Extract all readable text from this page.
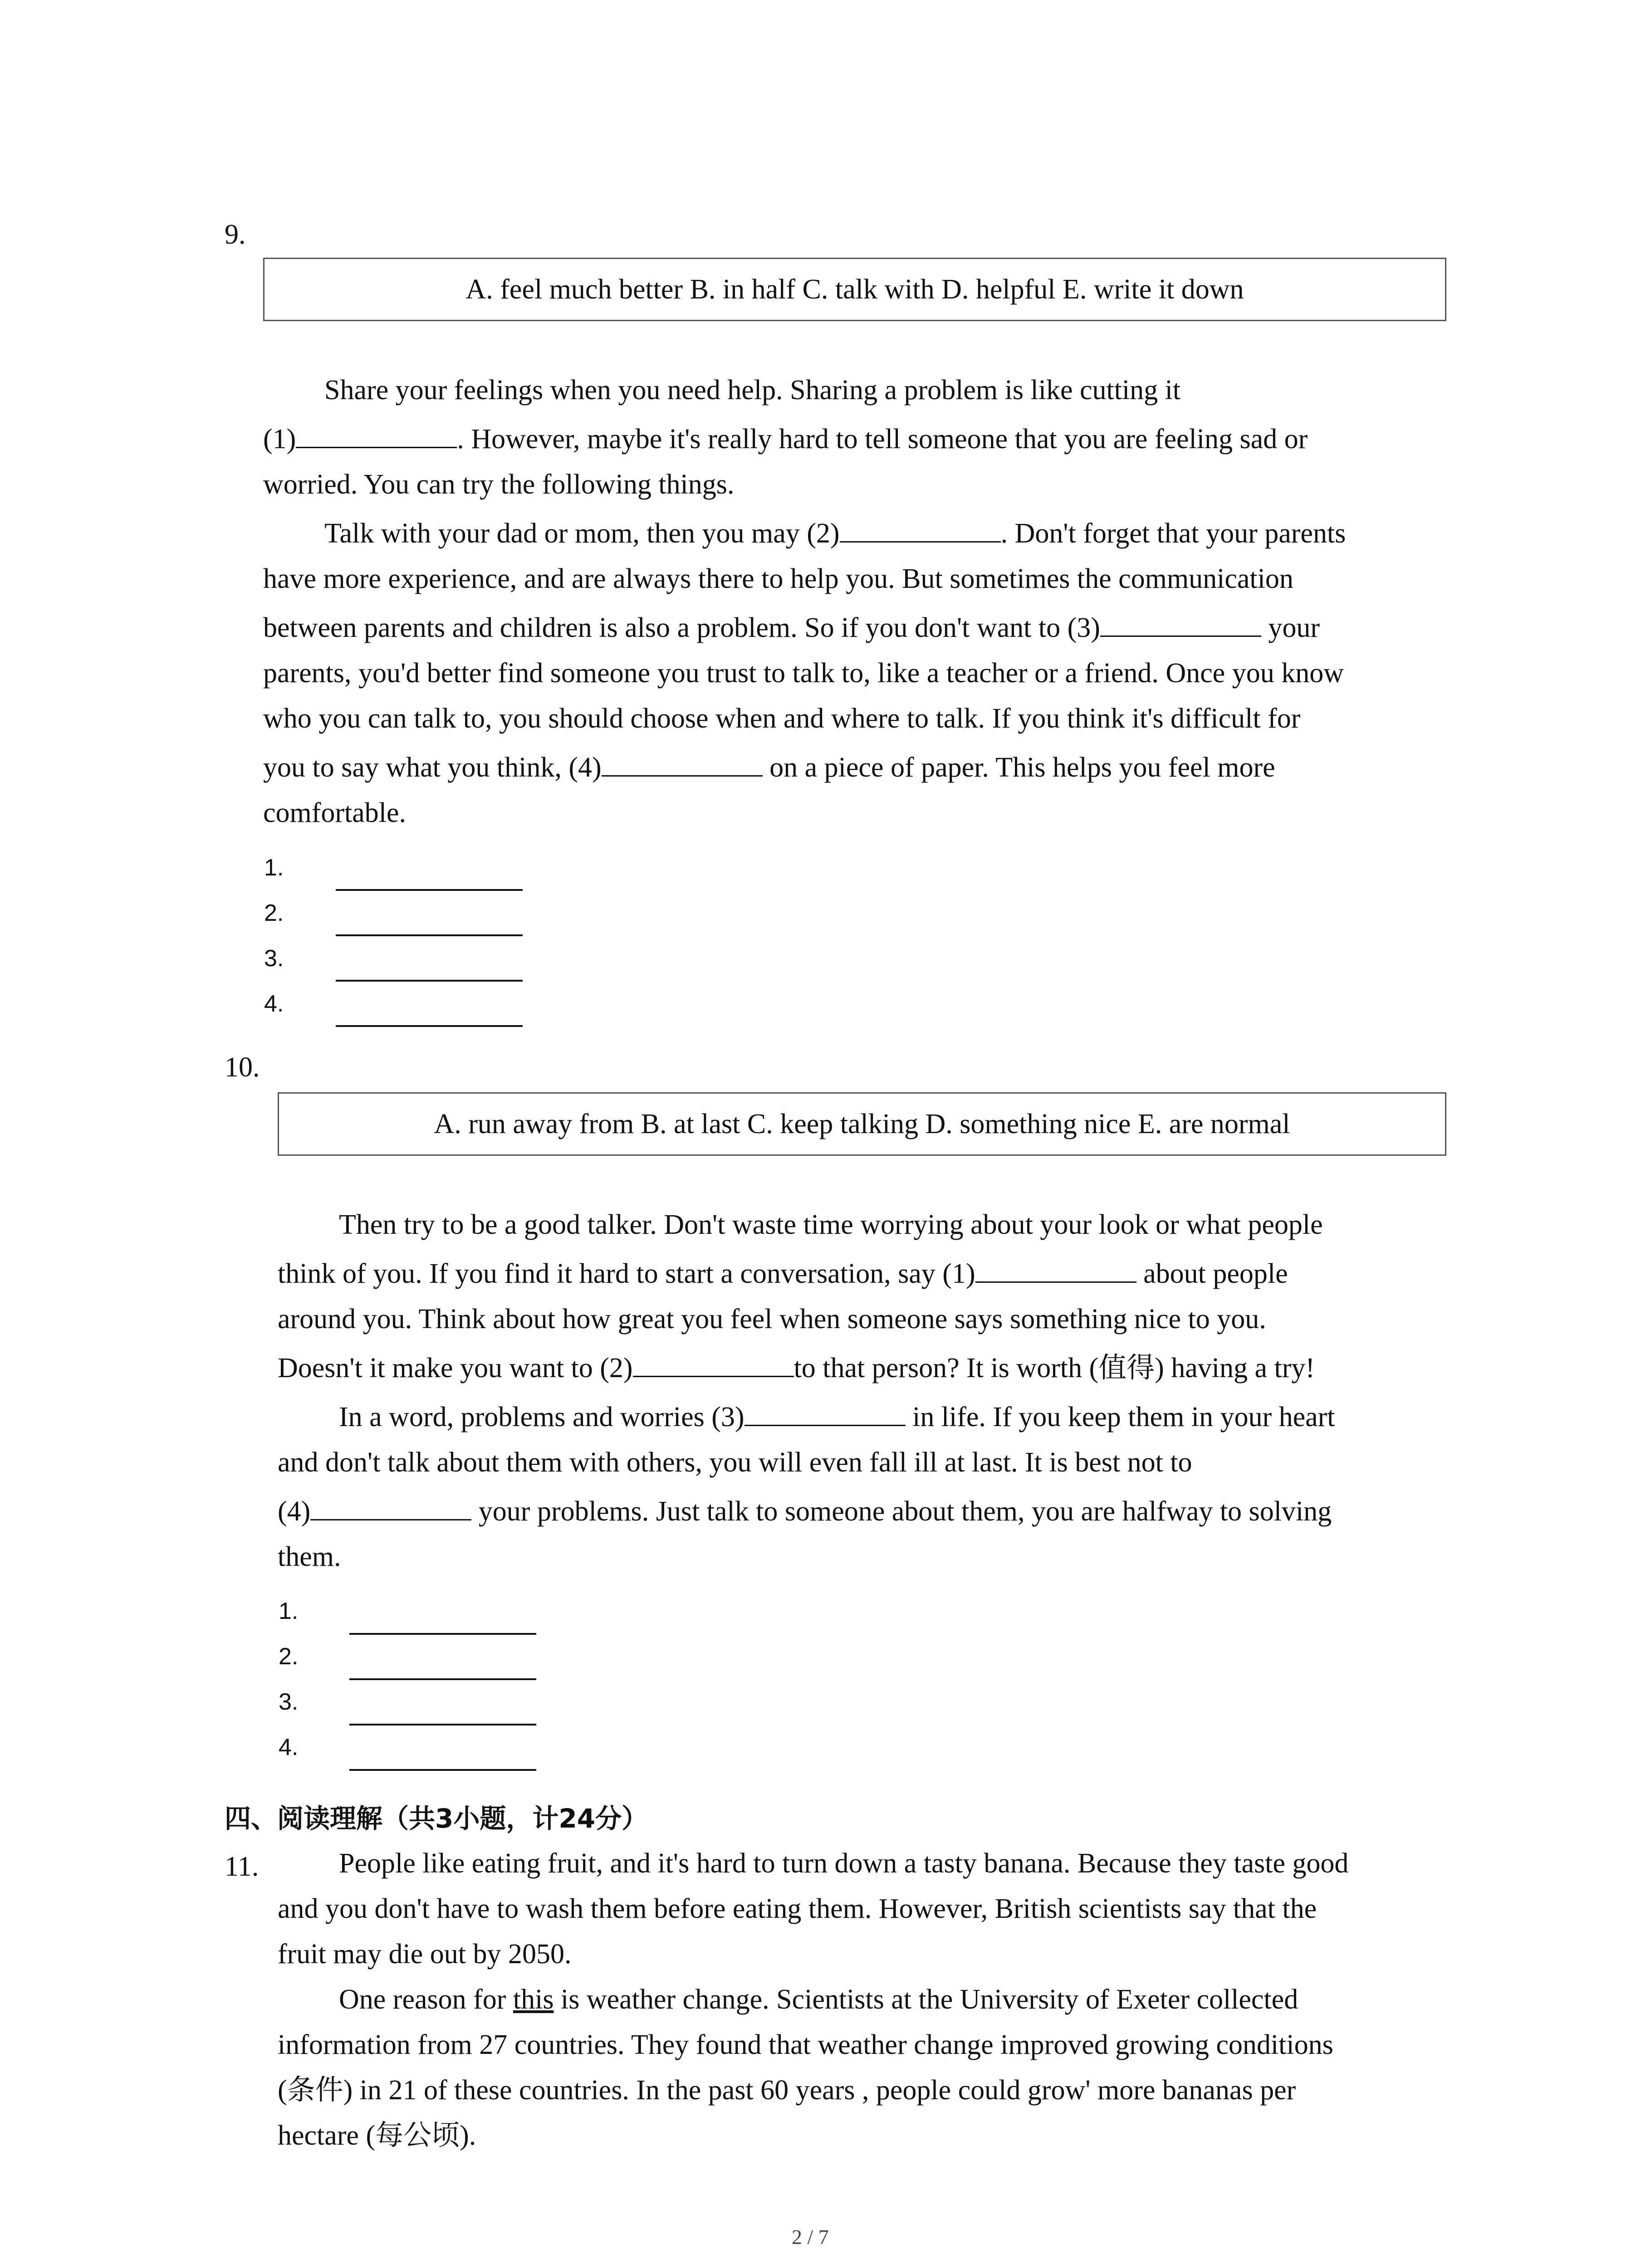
9.
A. feel much better B. in half C. talk with D. helpful E. write it down
Share your feelings when you need help. Sharing a problem is like cutting it
(1)	. However, maybe it's really hard to tell someone that you are feeling sad or
worried. You can try the following things.
Talk with your dad or mom, then you may (2)	. Don't forget that your parents
have more experience, and are always there to help you. But sometimes the communication
between parents and children is also a problem. So if you don't want to (3)	your
parents, you'd better find someone you trust to talk to, like a teacher or a friend. Once you know
who you can talk to, you should choose when and where to talk. If you think it's difficult for
you to say what you think, (4)	on a piece of paper. This helps you feel more
comfortable.
1.
2.
3.
4.
10.
A. run away from B. at last C. keep talking D. something nice E. are normal
Then try to be a good talker. Don't waste time worrying about your look or what people
think of you. If you find it hard to start a conversation, say (1)	about people
around you. Think about how great you feel when someone says something nice to you.
Doesn't it make you want to (2)	to that person? It is worth (值得) having a try!
In a word, problems and worries (3)	in life. If you keep them in your heart
and don't talk about them with others, you will even fall ill at last. It is best not to
(4)	your problems. Just talk to someone about them, you are halfway to solving
them.
1.
2.
3.
4.
四、阅读理解（共3小题，计24分）
11.	People like eating fruit, and it's hard to turn down a tasty banana. Because they taste good
and you don't have to wash them before eating them. However, British scientists say that the
fruit may die out by 2050.
One reason for this is weather change. Scientists at the University of Exeter collected
information from 27 countries. They found that weather change improved growing conditions
(条件) in 21 of these countries. In the past 60 years , people could grow' more bananas per
hectare (每公顷).
2 / 7
